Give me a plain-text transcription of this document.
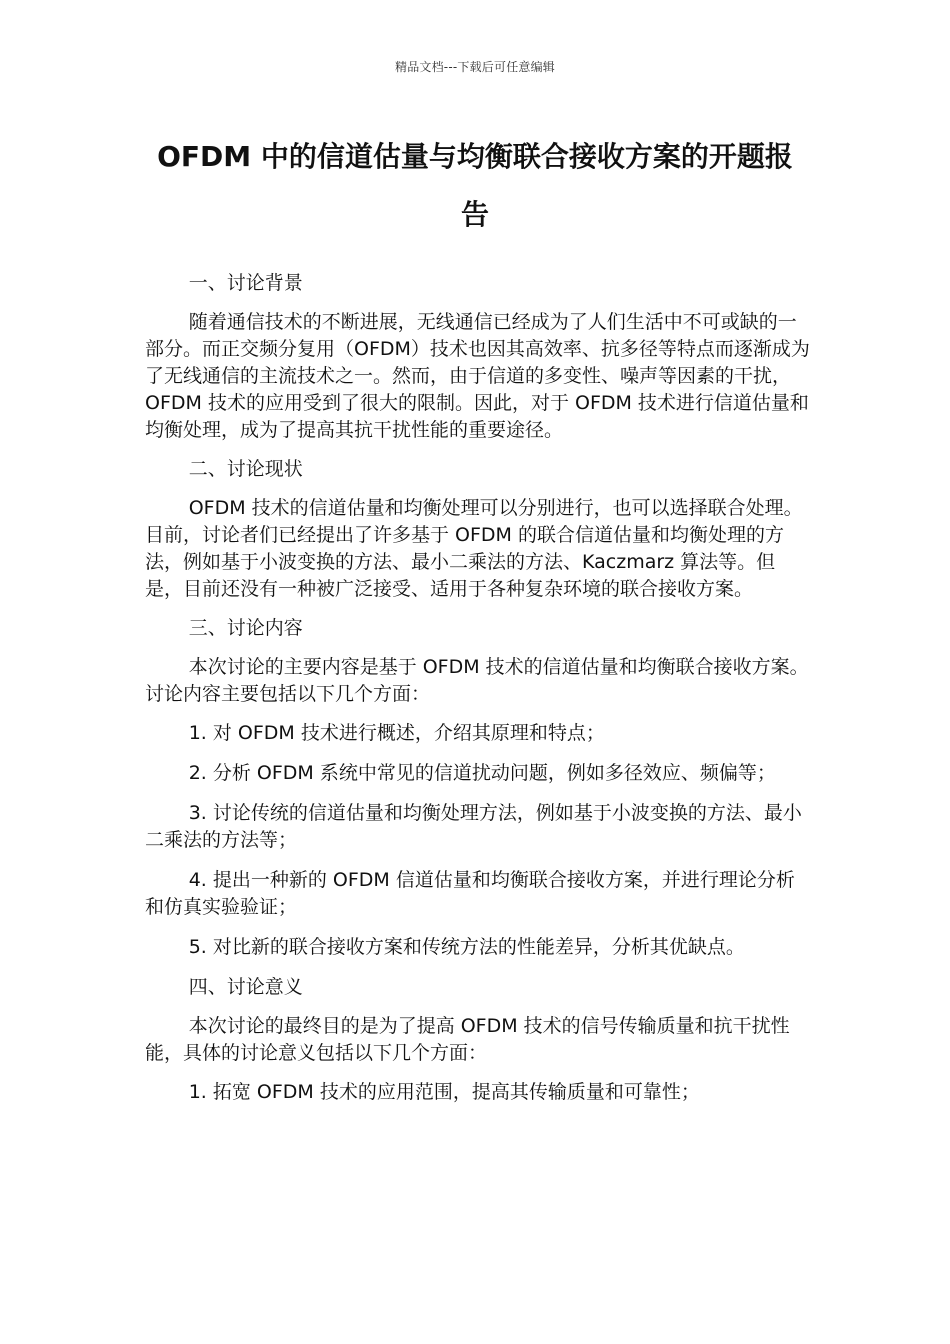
精品文档---下载后可任意编辑
OFDM 中的信道估量与均衡联合接收方案的开题报告

一、讨论背景

随着通信技术的不断进展，无线通信已经成为了人们生活中不可或缺的一部分。而正交频分复用（OFDM）技术也因其高效率、抗多径等特点而逐渐成为了无线通信的主流技术之一。然而，由于信道的多变性、噪声等因素的干扰，OFDM 技术的应用受到了很大的限制。因此，对于 OFDM 技术进行信道估量和均衡处理，成为了提高其抗干扰性能的重要途径。

二、讨论现状

OFDM 技术的信道估量和均衡处理可以分别进行，也可以选择联合处理。目前，讨论者们已经提出了许多基于 OFDM 的联合信道估量和均衡处理的方法，例如基于小波变换的方法、最小二乘法的方法、Kaczmarz 算法等。但是，目前还没有一种被广泛接受、适用于各种复杂环境的联合接收方案。

三、讨论内容

本次讨论的主要内容是基于 OFDM 技术的信道估量和均衡联合接收方案。讨论内容主要包括以下几个方面：

1. 对 OFDM 技术进行概述，介绍其原理和特点；

2. 分析 OFDM 系统中常见的信道扰动问题，例如多径效应、频偏等；

3. 讨论传统的信道估量和均衡处理方法，例如基于小波变换的方法、最小二乘法的方法等；

4. 提出一种新的 OFDM 信道估量和均衡联合接收方案，并进行理论分析和仿真实验验证；

5. 对比新的联合接收方案和传统方法的性能差异，分析其优缺点。

四、讨论意义

本次讨论的最终目的是为了提高 OFDM 技术的信号传输质量和抗干扰性能，具体的讨论意义包括以下几个方面：

1. 拓宽 OFDM 技术的应用范围，提高其传输质量和可靠性；
